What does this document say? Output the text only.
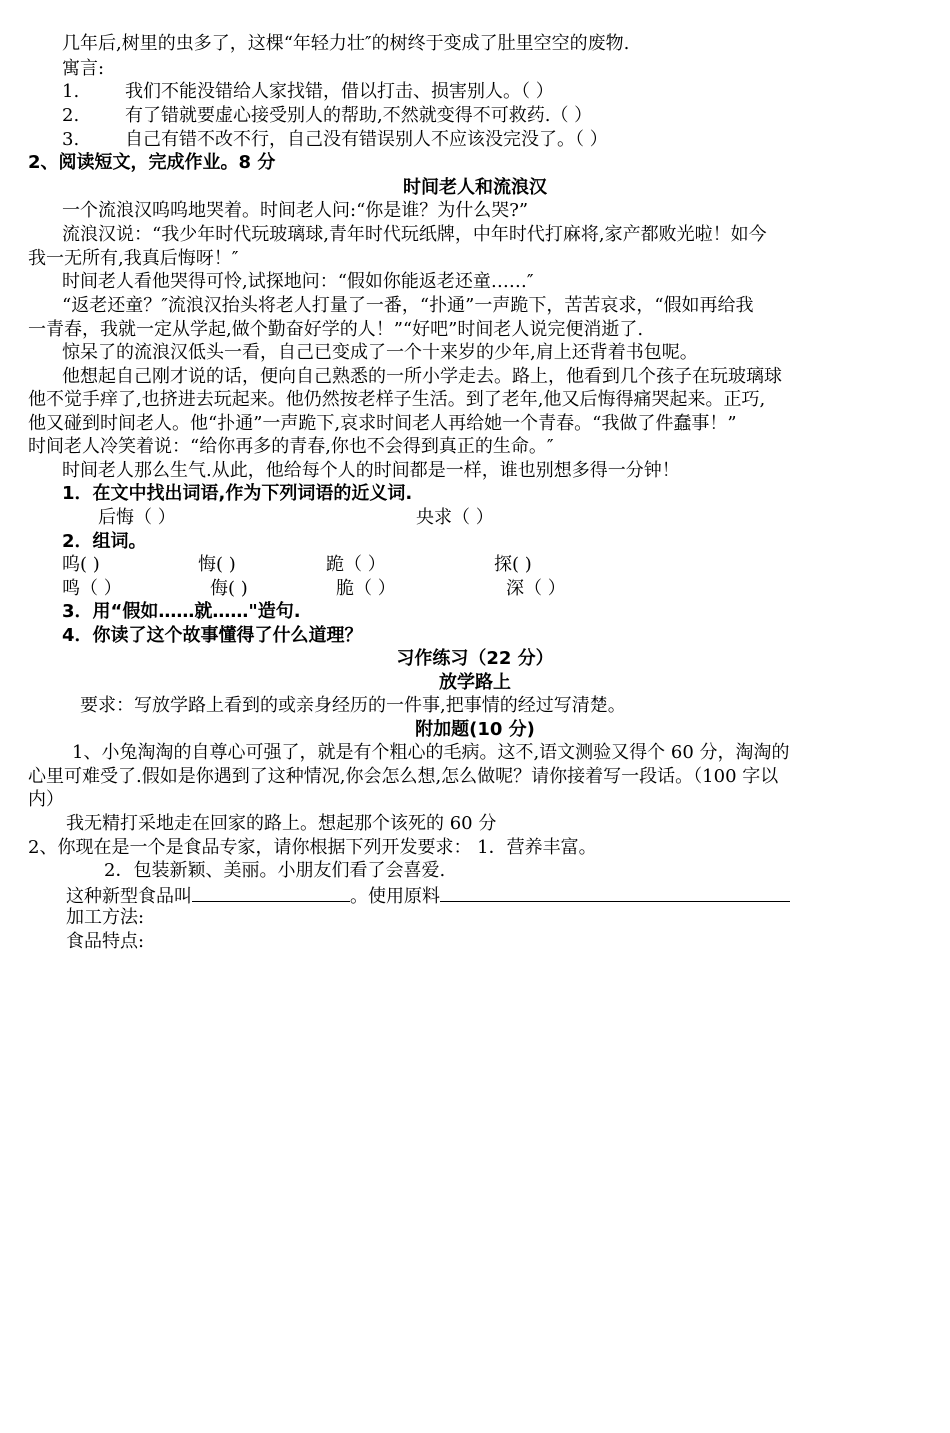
几年后,树里的虫多了，这棵“年轻力壮″的树终于变成了肚里空空的废物.
寓言:
1.	我们不能没错给人家找错，借以打击、损害别人。（ ）
2.	有了错就要虚心接受别人的帮助,不然就变得不可救药.（ ）
3.	自己有错不改不行，自己没有错误别人不应该没完没了。（ ）
2、阅读短文，完成作业。8 分
时间老人和流浪汉
一个流浪汉呜呜地哭着。时间老人问:“你是谁？为什么哭?”
流浪汉说：“我少年时代玩玻璃球,青年时代玩纸牌，中年时代打麻将,家产都败光啦！如今
我一无所有,我真后悔呀！″
时间老人看他哭得可怜,试探地问：“假如你能返老还童……″
“返老还童？″流浪汉抬头将老人打量了一番，“扑通”一声跪下，苦苦哀求，“假如再给我
一青春，我就一定从学起,做个勤奋好学的人！”“好吧”时间老人说完便消逝了.
惊呆了的流浪汉低头一看，自己已变成了一个十来岁的少年,肩上还背着书包呢。
他想起自己刚才说的话，便向自己熟悉的一所小学走去。路上，他看到几个孩子在玩玻璃球
他不觉手痒了,也挤进去玩起来。他仍然按老样子生活。到了老年,他又后悔得痛哭起来。正巧,
他又碰到时间老人。他“扑通”一声跪下,哀求时间老人再给她一个青春。“我做了件蠢事！”
时间老人冷笑着说：“给你再多的青春,你也不会得到真正的生命。″
时间老人那么生气.从此，他给每个人的时间都是一样，谁也别想多得一分钟！
1．在文中找出词语,作为下列词语的近义词.
后悔（ ）	央求（ ）
2．组词。
呜( )	悔( )	跪（ ）	探( )
鸣（ ）	侮( )	脆（ ）	深（ ）
3．用“假如……就……"造句.
4．你读了这个故事懂得了什么道理？
习作练习（22 分）
放学路上
要求：写放学路上看到的或亲身经历的一件事,把事情的经过写清楚。
附加题(10 分)
1、小兔淘淘的自尊心可强了，就是有个粗心的毛病。这不,语文测验又得个 60 分，淘淘的
心里可难受了.假如是你遇到了这种情况,你会怎么想,怎么做呢？请你接着写一段话。（100 字以
内）
我无精打采地走在回家的路上。想起那个该死的 60 分
2、你现在是一个是食品专家，请你根据下列开发要求： 1．营养丰富。
2．包装新颖、美丽。小朋友们看了会喜爱.
这种新型食品叫	。使用原料
加工方法:
食品特点:
